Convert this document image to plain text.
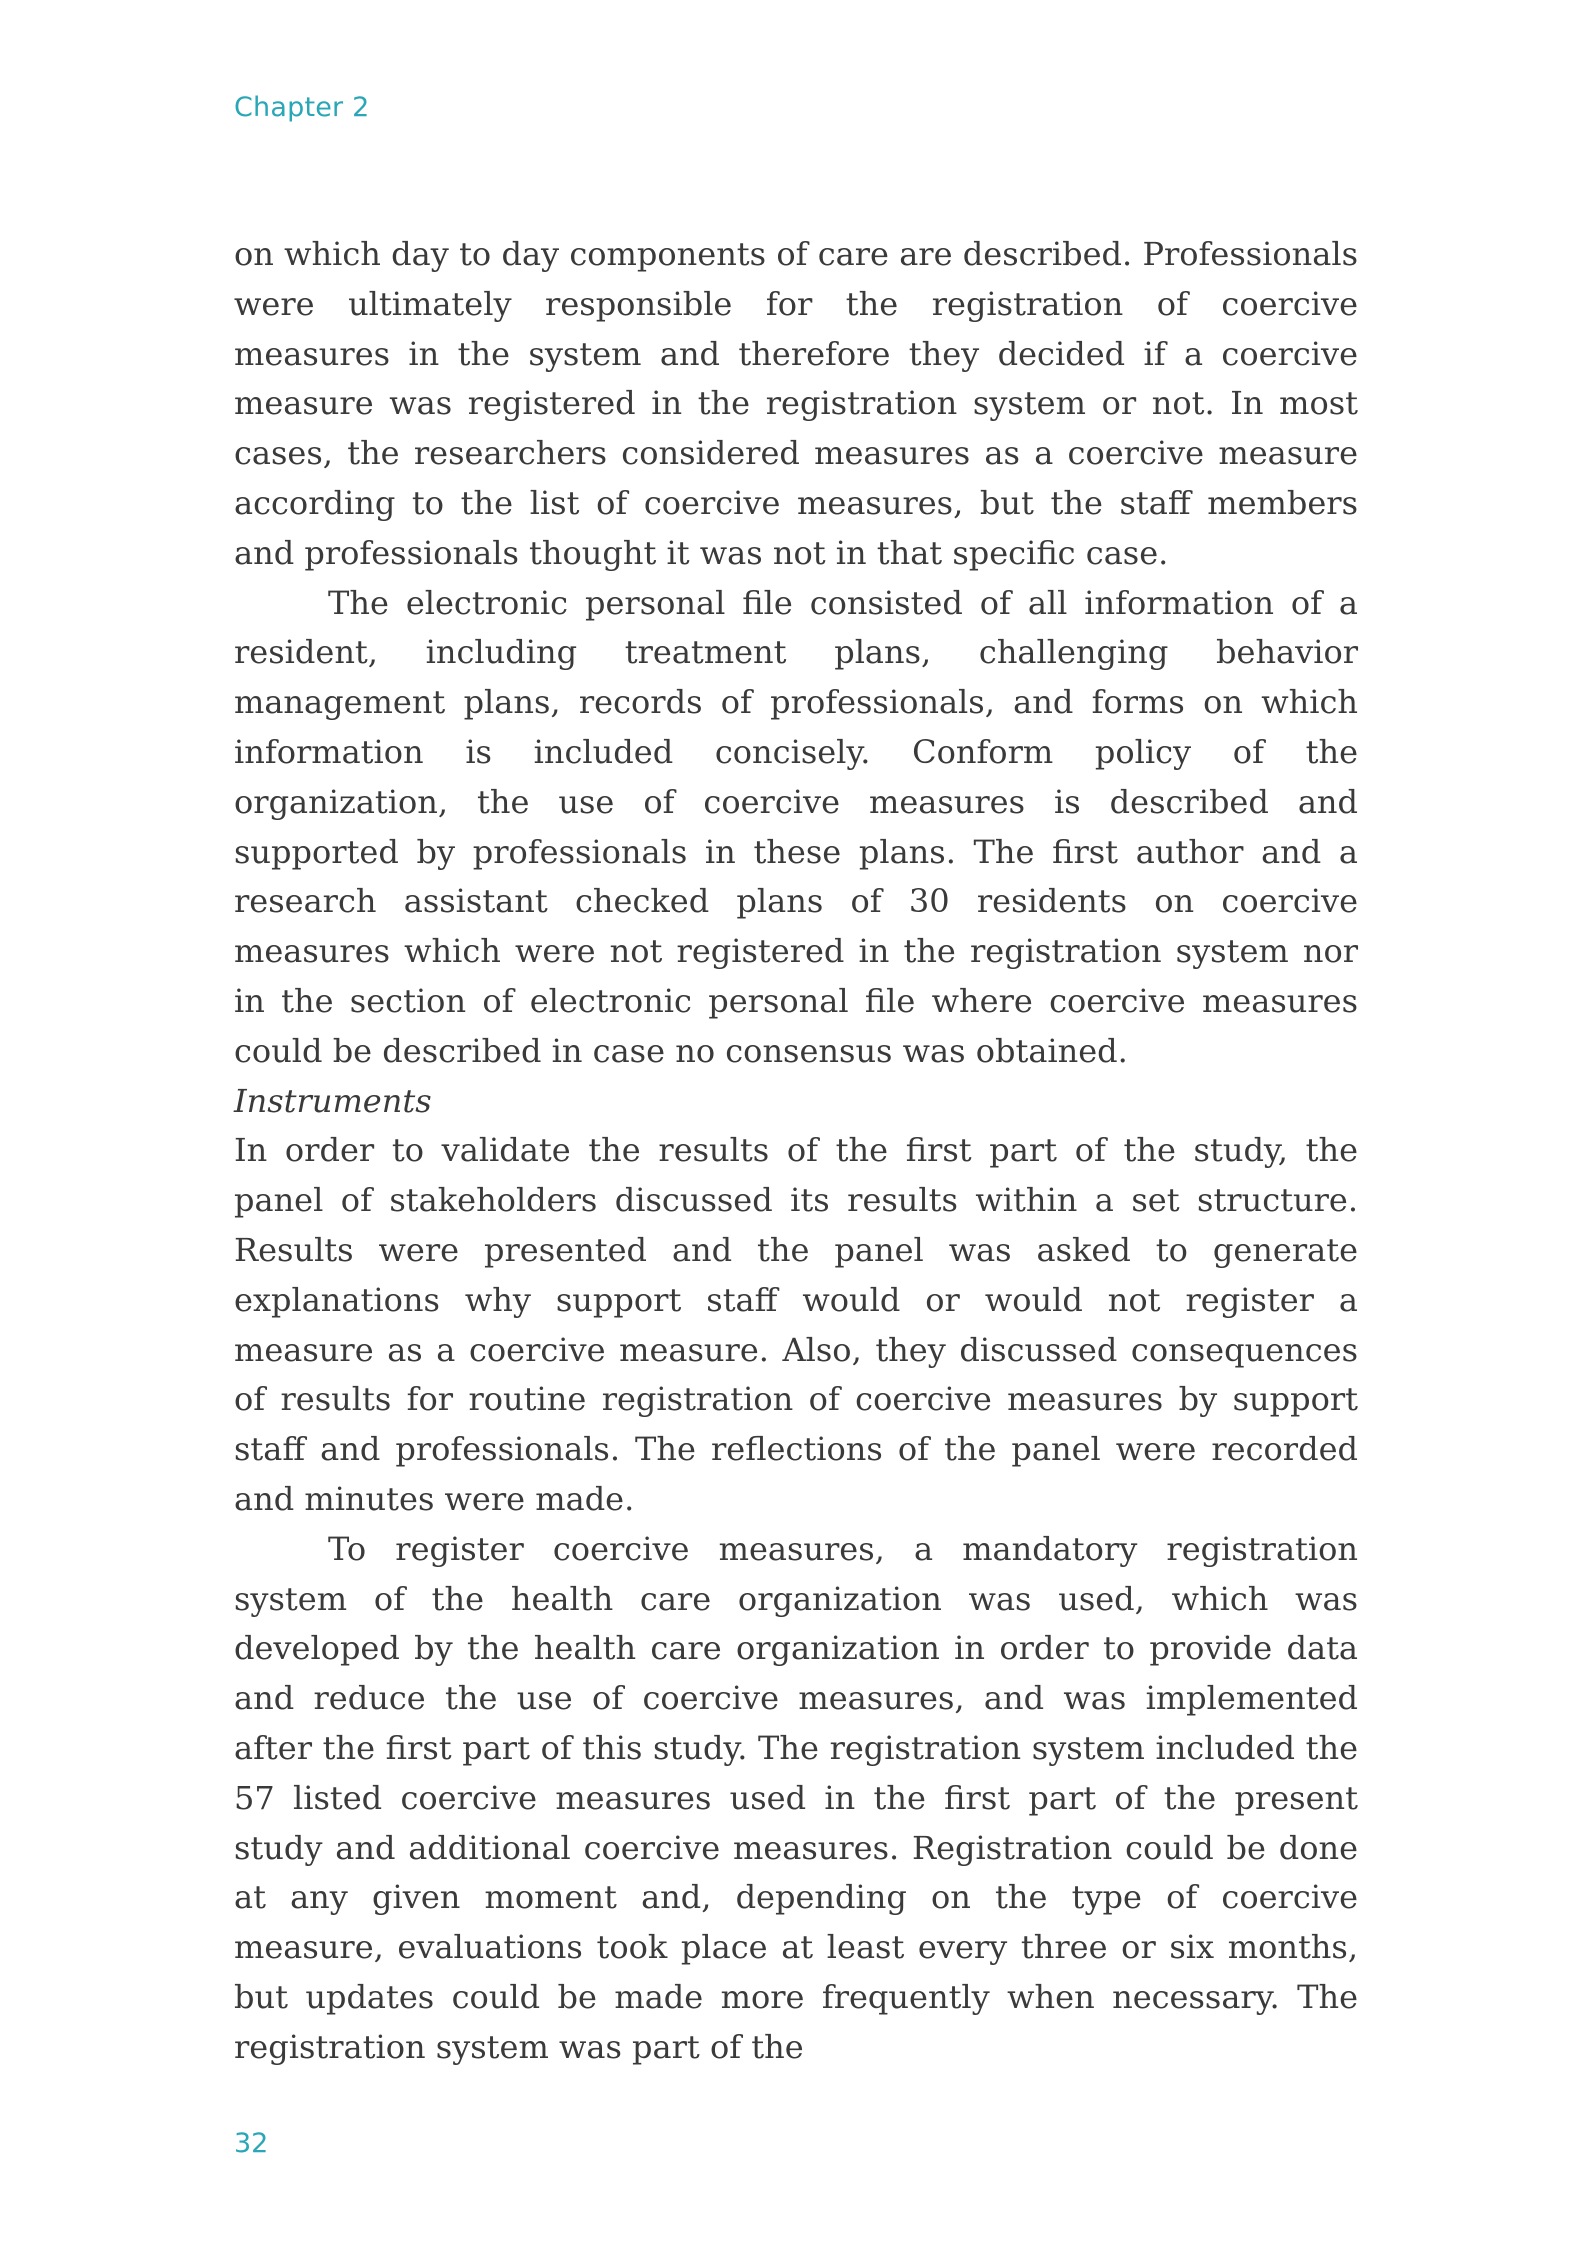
Chapter 2

on which day to day components of care are described. Professionals were ultimately responsible for the registration of coercive measures in the system and therefore they decided if a coercive measure was registered in the registration system or not. In most cases, the researchers considered measures as a coercive measure according to the list of coercive measures, but the staff members and professionals thought it was not in that specific case.

The electronic personal file consisted of all information of a resident, including treatment plans, challenging behavior management plans, records of professionals, and forms on which information is included concisely. Conform policy of the organization, the use of coercive measures is described and supported by professionals in these plans. The first author and a research assistant checked plans of 30 residents on coercive measures which were not registered in the registration system nor in the section of electronic personal file where coercive measures could be described in case no consensus was obtained.

Instruments

In order to validate the results of the first part of the study, the panel of stakeholders discussed its results within a set structure. Results were presented and the panel was asked to generate explanations why support staff would or would not register a measure as a coercive measure. Also, they discussed consequences of results for routine registration of coercive measures by support staff and professionals. The reflections of the panel were recorded and minutes were made.

To register coercive measures, a mandatory registration system of the health care organization was used, which was developed by the health care organization in order to provide data and reduce the use of coercive measures, and was implemented after the first part of this study. The registration system included the 57 listed coercive measures used in the first part of the present study and additional coercive measures. Registration could be done at any given moment and, depending on the type of coercive measure, evaluations took place at least every three or six months, but updates could be made more frequently when necessary. The registration system was part of the

32
